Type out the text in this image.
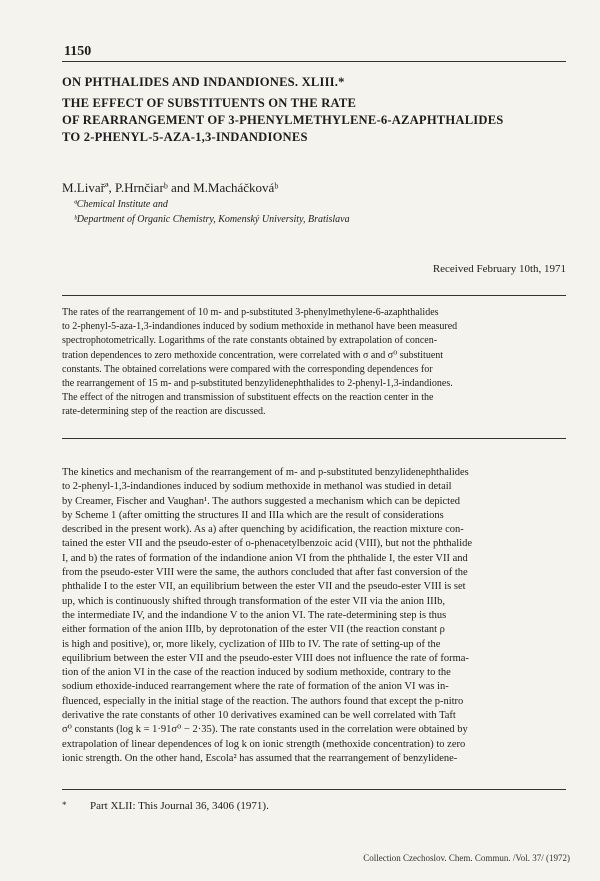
1150
ON PHTHALIDES AND INDANDIONES. XLIII.*
THE EFFECT OF SUBSTITUENTS ON THE RATE
OF REARRANGEMENT OF 3-PHENYLMETHYLENE-6-AZAPHTHALIDES
TO 2-PHENYL-5-AZA-1,3-INDANDIONES
M.Livařª, P.Hrnčiarᵇ and M.Macháčkováᵇ
ªChemical Institute and
ᵇDepartment of Organic Chemistry, Komenský University, Bratislava
Received February 10th, 1971
The rates of the rearrangement of 10 m- and p-substituted 3-phenylmethylene-6-azaphthalides
to 2-phenyl-5-aza-1,3-indandiones induced by sodium methoxide in methanol have been measured
spectrophotometrically. Logarithms of the rate constants obtained by extrapolation of concen-
tration dependences to zero methoxide concentration, were correlated with σ and σ⁰ substituent
constants. The obtained correlations were compared with the corresponding dependences for
the rearrangement of 15 m- and p-substituted benzylidenephthalides to 2-phenyl-1,3-indandiones.
The effect of the nitrogen and transmission of substituent effects on the reaction center in the
rate-determining step of the reaction are discussed.
The kinetics and mechanism of the rearrangement of m- and p-substituted benzylidenephthalides
to 2-phenyl-1,3-indandiones induced by sodium methoxide in methanol was studied in detail
by Creamer, Fischer and Vaughan¹. The authors suggested a mechanism which can be depicted
by Scheme 1 (after omitting the structures II and IIIa which are the result of considerations
described in the present work). As a) after quenching by acidification, the reaction mixture con-
tained the ester VII and the pseudo-ester of o-phenacetylbenzoic acid (VIII), but not the phthalide
I, and b) the rates of formation of the indandione anion VI from the phthalide I, the ester VII and
from the pseudo-ester VIII were the same, the authors concluded that after fast conversion of the
phthalide I to the ester VII, an equilibrium between the ester VII and the pseudo-ester VIII is set
up, which is continuously shifted through transformation of the ester VII via the anion IIIb,
the intermediate IV, and the indandione V to the anion VI. The rate-determining step is thus
either formation of the anion IIIb, by deprotonation of the ester VII (the reaction constant ρ
is high and positive), or, more likely, cyclization of IIIb to IV. The rate of setting-up of the
equilibrium between the ester VII and the pseudo-ester VIII does not influence the rate of forma-
tion of the anion VI in the case of the reaction induced by sodium methoxide, contrary to the
sodium ethoxide-induced rearrangement where the rate of formation of the anion VI was in-
fluenced, especially in the initial stage of the reaction. The authors found that except the p-nitro
derivative the rate constants of other 10 derivatives examined can be well correlated with Taft
σ⁰ constants (log k = 1·91σ⁰ − 2·35). The rate constants used in the correlation were obtained by
extrapolation of linear dependences of log k on ionic strength (methoxide concentration) to zero
ionic strength. On the other hand, Escola² has assumed that the rearrangement of benzylidene-
* Part XLII: This Journal 36, 3406 (1971).
Collection Czechoslov. Chem. Commun. /Vol. 37/ (1972)
